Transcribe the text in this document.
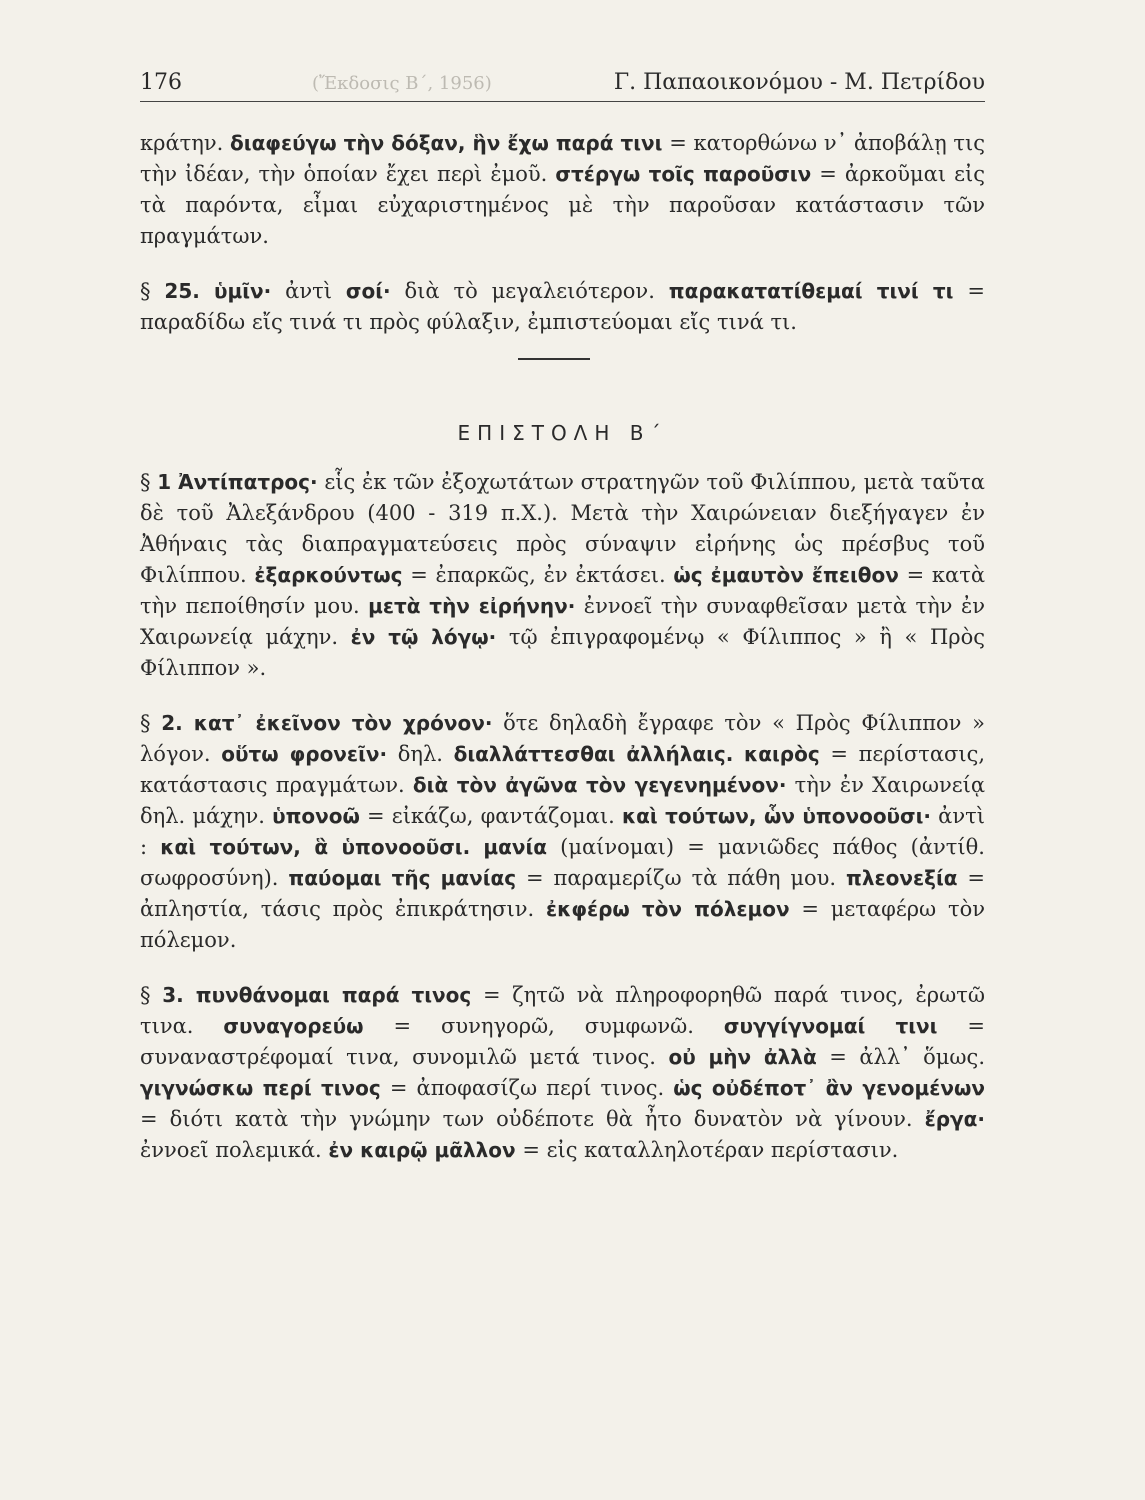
176	(Ἔκδοσις Β΄, 1956)	Γ. Παπαοικονόμου - Μ. Πετρίδου

κράτην. διαφεύγω τὴν δόξαν, ἣν ἔχω παρά τινι = κατορθώνω ν᾽ ἀποβάλῃ τις τὴν ἰδέαν, τὴν ὁποίαν ἔχει περὶ ἐμοῦ. στέργω τοῖς παροῦσιν = ἀρκοῦμαι εἰς τὰ παρόντα, εἶμαι εὐχαριστημένος μὲ τὴν παροῦσαν κατάστασιν τῶν πραγμάτων.

§ 25. ὑμῖν· ἀντὶ σοί· διὰ τὸ μεγαλειότερον. παρακατατίθεμαί τινί τι = παραδίδω εἴς τινά τι πρὸς φύλαξιν, ἐμπιστεύομαι εἴς τινά τι.

ΕΠΙΣΤΟΛΗ Β΄

§ 1 Ἀντίπατρος· εἷς ἐκ τῶν ἐξοχωτάτων στρατηγῶν τοῦ Φιλίππου, μετὰ ταῦτα δὲ τοῦ Ἀλεξάνδρου (400 - 319 π.Χ.). Μετὰ τὴν Χαιρώνειαν διεξήγαγεν ἐν Ἀθήναις τὰς διαπραγματεύσεις πρὸς σύναψιν εἰρήνης ὡς πρέσβυς τοῦ Φιλίππου. ἐξαρκούντως = ἐπαρκῶς, ἐν ἐκτάσει. ὡς ἐμαυτὸν ἔπειθον = κατὰ τὴν πεποίθησίν μου. μετὰ τὴν εἰρήνην· ἐννοεῖ τὴν συναφθεῖσαν μετὰ τὴν ἐν Χαιρωνείᾳ μάχην. ἐν τῷ λόγῳ· τῷ ἐπιγραφομένῳ « Φίλιππος » ἢ « Πρὸς Φίλιππον ».

§ 2. κατ᾽ ἐκεῖνον τὸν χρόνον· ὅτε δηλαδὴ ἔγραφε τὸν « Πρὸς Φίλιππον » λόγον. οὕτω φρονεῖν· δηλ. διαλλάττεσθαι ἀλλήλαις. καιρὸς = περίστασις, κατάστασις πραγμάτων. διὰ τὸν ἀγῶνα τὸν γεγενημένον· τὴν ἐν Χαιρωνείᾳ δηλ. μάχην. ὑπονοῶ = εἰκάζω, φαντάζομαι. καὶ τούτων, ὧν ὑπονοοῦσι· ἀντὶ : καὶ τούτων, ἃ ὑπονοοῦσι. μανία (μαίνομαι) = μανιῶδες πάθος (ἀντίθ. σωφροσύνη). παύομαι τῆς μανίας = παραμερίζω τὰ πάθη μου. πλεονεξία = ἀπληστία, τάσις πρὸς ἐπικράτησιν. ἐκφέρω τὸν πόλεμον = μεταφέρω τὸν πόλεμον.

§ 3. πυνθάνομαι παρά τινος = ζητῶ νὰ πληροφορηθῶ παρά τινος, ἐρωτῶ τινα. συναγορεύω = συνηγορῶ, συμφωνῶ. συγγίγνομαί τινι = συναναστρέφομαί τινα, συνομιλῶ μετά τινος. οὐ μὴν ἀλλὰ = ἀλλ᾽ ὅμως. γιγνώσκω περί τινος = ἀποφασίζω περί τινος. ὡς οὐδέποτ᾽ ἂν γενομένων = διότι κατὰ τὴν γνώμην των οὐδέποτε θὰ ἦτο δυνατὸν νὰ γίνουν. ἔργα· ἐννοεῖ πολεμικά. ἐν καιρῷ μᾶλλον = εἰς καταλληλοτέραν περίστασιν.
